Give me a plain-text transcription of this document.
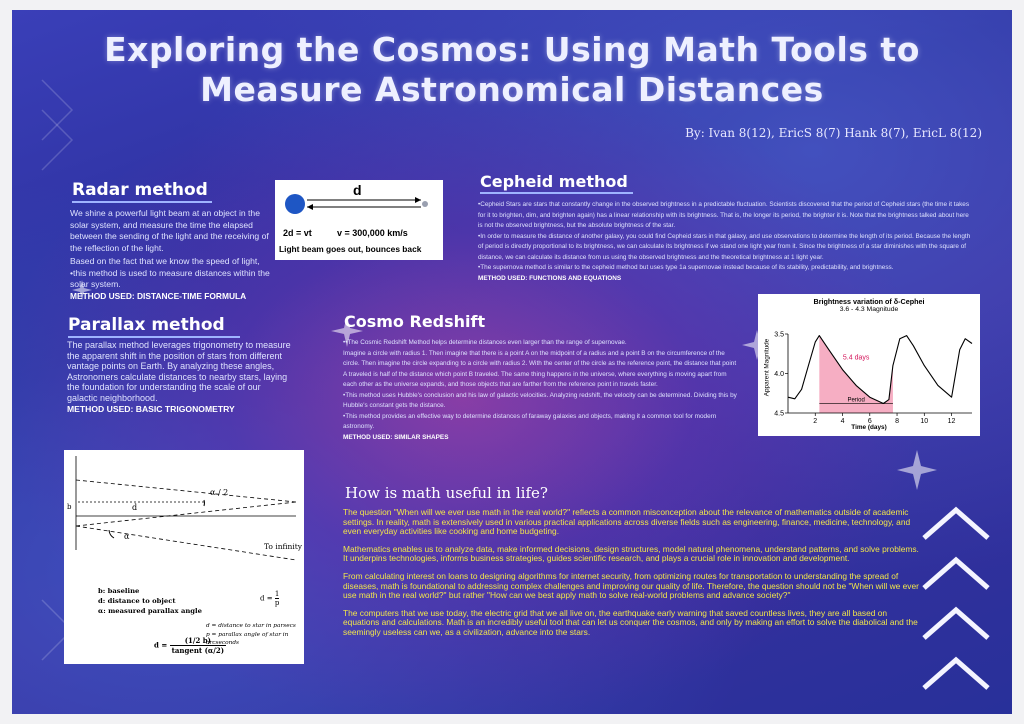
Exploring the Cosmos: Using Math Tools to
Measure Astronomical Distances
By: Ivan 8(12), EricS 8(7) Hank 8(7), EricL 8(12)
Radar method
We shine a powerful light beam at an object in the solar system, and measure the time the elapsed between the sending of the light and the receiving of the reflection of the light.
Based on the fact that we know the speed of light,
•this method is used to measure distances within the solar system.
METHOD USED: DISTANCE-TIME FORMULA
d
2d = vt	v = 300,000 km/s
Light beam goes out, bounces back
Parallax method
The parallax method leverages trigonometry to measure the apparent shift in the position of stars from different vantage points on Earth. By analyzing these angles,
Astronomers calculate distances to nearby stars, laying the foundation for understanding the scale of our galactic neighborhood.
METHOD USED: BASIC TRIGONOMETRY
α / 2
d
b
α
To infinity
b: baseline
d: distance to object
α: measured parallax angle
$d = \frac{1}{p}$
d = distance to star in parsecs
p = parallax angle of star in arcseconds
d =	(1/2 b)
tangent (α/2)
Cepheid method
•Cepheid Stars are stars that constantly change in the observed brightness in a predictable fluctuation. Scientists discovered that the period of Cepheid stars (the time it takes for it to brighten, dim, and brighten again) has a linear relationship with its brightness. That is, the longer its period, the brighter it is. Note that the brightness talked about here is not the observed brightness, but the absolute brightness of the star.
•In order to measure the distance of another galaxy, you could find Cepheid stars in that galaxy, and use observations to determine the length of its period. Because the length of period is directly proportional to its brightness, we can calculate its brightness if we stand one light year from it. Since the brightness of a star diminishes with the square of distance, we can calculate its distance from us using the observed brightness and the theoretical brightness at 1 light year.
•The supernova method is similar to the cepheid method but uses type 1a supernovae instead because of its stability, predictability, and brightness.
METHOD USED: FUNCTIONS AND EQUATIONS
Cosmo Redshift
••The Cosmic Redshift Method helps determine distances even larger than the range of supernovae.
Imagine a circle with radius 1. Then imagine that there is a point A on the midpoint of a radius and a point B on the circumference of the circle. Then imagine the circle expanding to a circle with radius 2. With the center of the circle as the reference point, the distance that point A traveled is half of the distance which point B traveled. The same thing happens in the universe, where everything is moving apart from each other as the universe expands, and those objects that are farther from the reference point in travels faster.
•This method uses Hubble's conclusion and his law of galactic velocities. Analyzing redshift, the velocity can be determined. Dividing this by Hubble's constant gets the distance.
•This method provides an effective way to determine distances of faraway galaxies and objects, making it a common tool for modern astronomy.
METHOD USED: SIMILAR SHAPES
Brightness variation of δ-Cephei
3.6 - 4.3 Magnitude
Time (days)
Apparent Magnitude
2	4	6	8	10	12
3.5
4.0
4.5
Period
5.4 days
How is math useful in life?
The question "When will we ever use math in the real world?" reflects a common misconception about the relevance of mathematics outside of academic settings. In reality, math is extensively used in various practical applications across diverse fields such as engineering, finance, medicine, technology, and even everyday activities like cooking and home budgeting.
Mathematics enables us to analyze data, make informed decisions, design structures, model natural phenomena, understand patterns, and solve problems. It underpins technologies, informs business strategies, guides scientific research, and plays a crucial role in innovation and development.
From calculating interest on loans to designing algorithms for internet security, from optimizing routes for transportation to understanding the spread of diseases, math is foundational to addressing complex challenges and improving our quality of life. Therefore, the question should not be "When will we ever use math in the real world?" but rather "How can we best apply math to solve real-world problems and advance society?"
The computers that we use today, the electric grid that we all live on, the earthquake early warning that saved countless lives, they are all based on equations and calculations. Math is an incredibly useful tool that can let us conquer the cosmos, and only by making an effort to solve the diabolical and the seemingly useless can we, as a civilization, advance into the stars.
